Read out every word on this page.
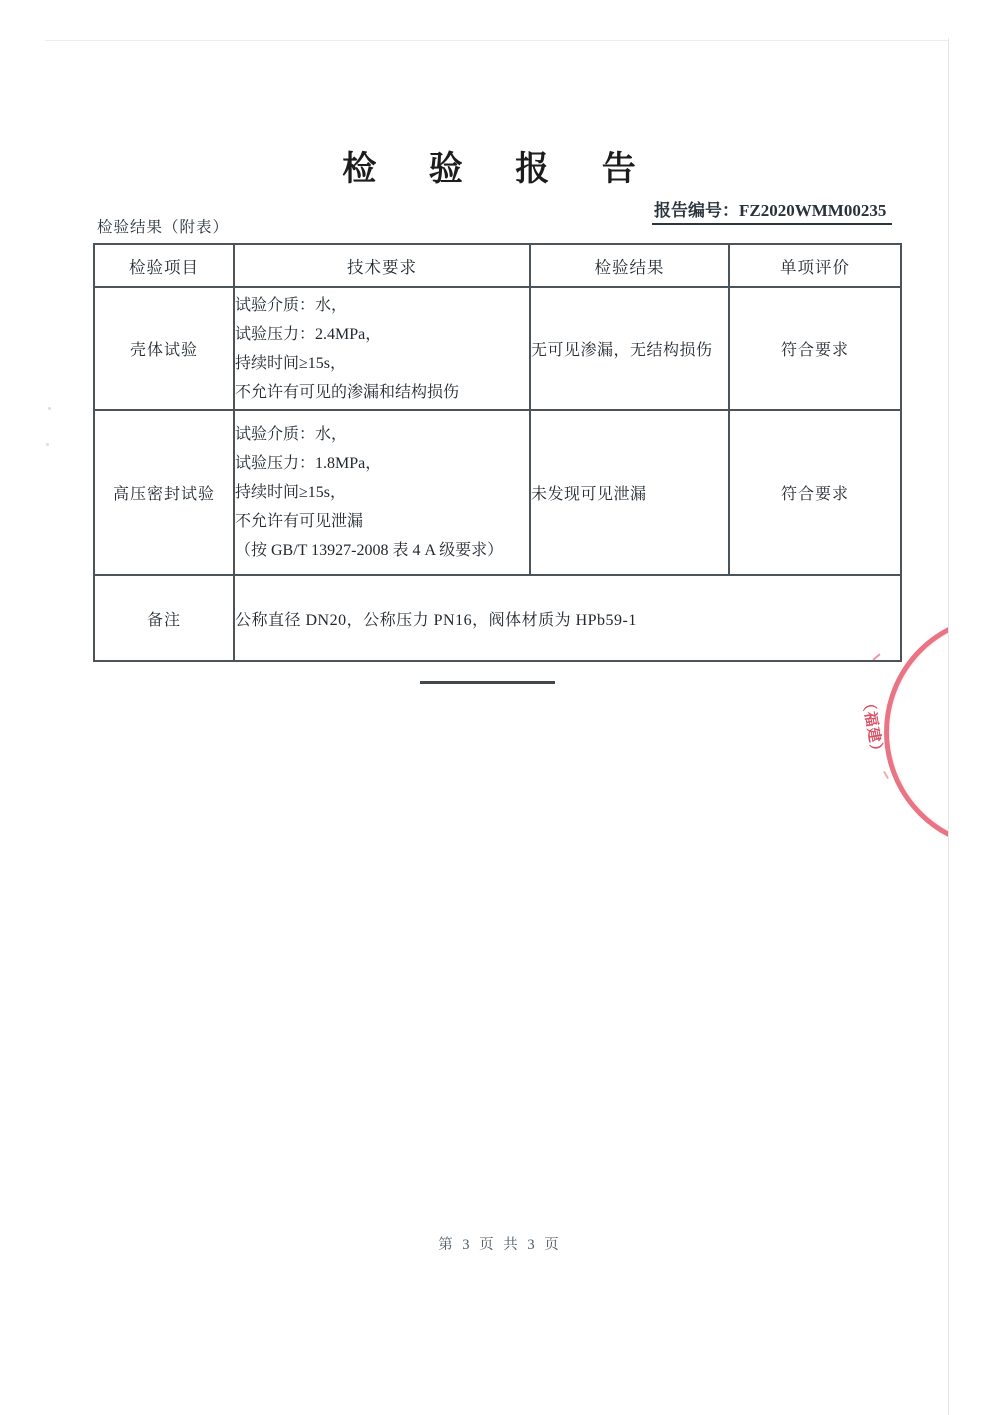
检 验 报 告
报告编号：FZ2020WMM00235
检验结果（附表）
检验项目	技术要求	检验结果	单项评价
壳体试验	试验介质：水，
试验压力：2.4MPa，
持续时间≥15s，
不允许有可见的渗漏和结构损伤	无可见渗漏，无结构损伤	符合要求
高压密封试验	试验介质：水，
试验压力：1.8MPa，
持续时间≥15s，
不允许有可见泄漏
（按 GB/T 13927-2008 表 4 A 级要求）	未发现可见泄漏	符合要求
备注	公称直径 DN20，公称压力 PN16，阀体材质为 HPb59-1		
（福建）
第 3 页 共 3 页
